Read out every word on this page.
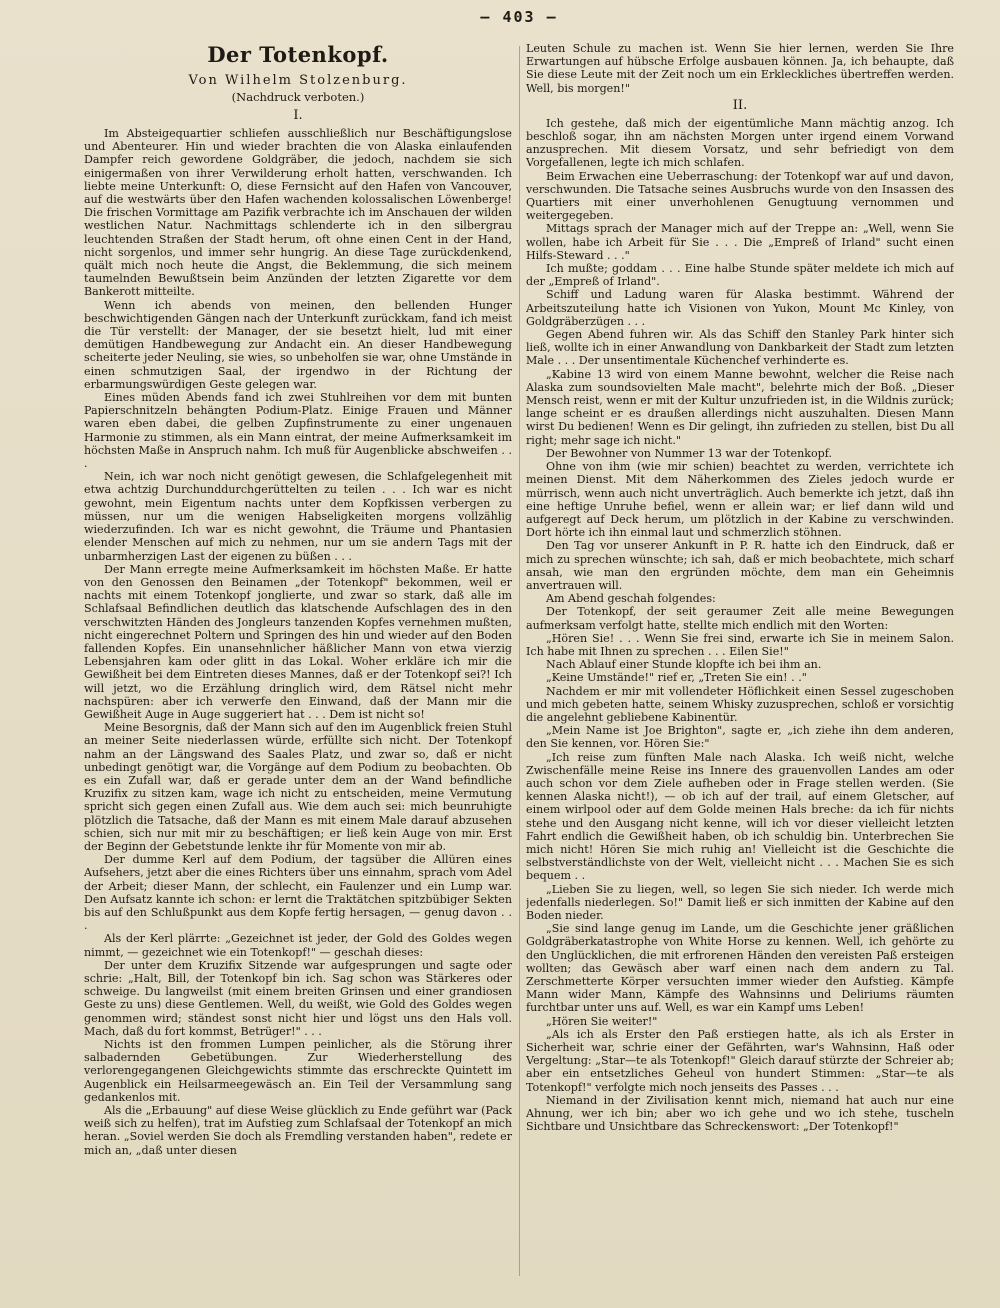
— 403 —
Der Totenkopf.
Von Wilhelm Stolzenburg.
(Nachdruck verboten.)
I.

Im Absteigequartier schliefen ausschließlich nur Beschäftigungslose und Abenteurer. Hin und wieder brachten die von Alaska einlaufenden Dampfer reich gewordene Goldgräber, die jedoch, nachdem sie sich einigermaßen von ihrer Verwilderung erholt hatten, verschwanden. Ich liebte meine Unterkunft: O, diese Fernsicht auf den Hafen von Vancouver, auf die westwärts über den Hafen wachenden kolossalischen Löwenberge! Die frischen Vormittage am Pazifik verbrachte ich im Anschauen der wilden westlichen Natur. Nachmittags schlenderte ich in den silbergrau leuchtenden Straßen der Stadt herum, oft ohne einen Cent in der Hand, nicht sorgenlos, und immer sehr hungrig. An diese Tage zurückdenkend, quält mich noch heute die Angst, die Beklemmung, die sich meinem taumelnden Bewußtsein beim Anzünden der letzten Zigarette vor dem Bankerott mitteilte.

Wenn ich abends von meinen, den bellenden Hunger beschwichtigenden Gängen nach der Unterkunft zurückkam, fand ich meist die Tür verstellt: der Manager, der sie besetzt hielt, lud mit einer demütigen Handbewegung zur Andacht ein. An dieser Handbewegung scheiterte jeder Neuling, sie wies, so unbeholfen sie war, ohne Umstände in einen schmutzigen Saal, der irgendwo in der Richtung der erbarmungswürdigen Geste gelegen war.

Eines müden Abends fand ich zwei Stuhlreihen vor dem mit bunten Papierschnitzeln behängten Podium-Platz. Einige Frauen und Männer waren eben dabei, die gelben Zupfinstrumente zu einer ungenauen Harmonie zu stimmen, als ein Mann eintrat, der meine Aufmerksamkeit im höchsten Maße in Anspruch nahm. Ich muß für Augenblicke abschweifen . . .

Nein, ich war noch nicht genötigt gewesen, die Schlafgelegenheit mit etwa achtzig Durchunddurchgerüttelten zu teilen . . . Ich war es nicht gewohnt, mein Eigentum nachts unter dem Kopfkissen verbergen zu müssen, nur um die wenigen Habseligkeiten morgens vollzählig wiederzufinden. Ich war es nicht gewohnt, die Träume und Phantasien elender Menschen auf mich zu nehmen, nur um sie andern Tags mit der unbarmherzigen Last der eigenen zu büßen . . .

Der Mann erregte meine Aufmerksamkeit im höchsten Maße. Er hatte von den Genossen den Beinamen „der Totenkopf" bekommen, weil er nachts mit einem Totenkopf jonglierte, und zwar so stark, daß alle im Schlafsaal Befindlichen deutlich das klatschende Aufschlagen des in den verschwitzten Händen des Jongleurs tanzenden Kopfes vernehmen mußten, nicht eingerechnet Poltern und Springen des hin und wieder auf den Boden fallenden Kopfes. Ein unansehnlicher häßlicher Mann von etwa vierzig Lebensjahren kam oder glitt in das Lokal. Woher erkläre ich mir die Gewißheit bei dem Eintreten dieses Mannes, daß er der Totenkopf sei?! Ich will jetzt, wo die Erzählung dringlich wird, dem Rätsel nicht mehr nachspüren: aber ich verwerfe den Einwand, daß der Mann mir die Gewißheit Auge in Auge suggeriert hat . . . Dem ist nicht so!

Meine Besorgnis, daß der Mann sich auf den im Augenblick freien Stuhl an meiner Seite niederlassen würde, erfüllte sich nicht. Der Totenkopf nahm an der Längswand des Saales Platz, und zwar so, daß er nicht unbedingt genötigt war, die Vorgänge auf dem Podium zu beobachten. Ob es ein Zufall war, daß er gerade unter dem an der Wand befindliche Kruzifix zu sitzen kam, wage ich nicht zu entscheiden, meine Vermutung spricht sich gegen einen Zufall aus. Wie dem auch sei: mich beunruhigte plötzlich die Tatsache, daß der Mann es mit einem Male darauf abzusehen schien, sich nur mit mir zu beschäftigen; er ließ kein Auge von mir. Erst der Beginn der Gebetstunde lenkte ihr für Momente von mir ab.

Der dumme Kerl auf dem Podium, der tagsüber die Allüren eines Aufsehers, jetzt aber die eines Richters über uns einnahm, sprach vom Adel der Arbeit; dieser Mann, der schlecht, ein Faulenzer und ein Lump war. Den Aufsatz kannte ich schon: er lernt die Traktätchen spitzbübiger Sekten bis auf den Schlußpunkt aus dem Kopfe fertig hersagen, — genug davon . . .

Als der Kerl plärrte: „Gezeichnet ist jeder, der Gold des Goldes wegen nimmt, — gezeichnet wie ein Totenkopf!" — geschah dieses:

Der unter dem Kruzifix Sitzende war aufgesprungen und sagte oder schrie: „Halt, Bill, der Totenkopf bin ich. Sag schon was Stärkeres oder schweige. Du langweilst (mit einem breiten Grinsen und einer grandiosen Geste zu uns) diese Gentlemen. Well, du weißt, wie Gold des Goldes wegen genommen wird; ständest sonst nicht hier und lögst uns den Hals voll. Mach, daß du fort kommst, Betrüger!" . . .

Nichts ist den frommen Lumpen peinlicher, als die Störung ihrer salbadernden Gebetübungen. Zur Wiederherstellung des verlorengegangenen Gleichgewichts stimmte das erschreckte Quintett im Augenblick ein Heilsarmeegewäsch an. Ein Teil der Versammlung sang gedankenlos mit.

Als die „Erbauung" auf diese Weise glücklich zu Ende geführt war (Pack weiß sich zu helfen), trat im Aufstieg zum Schlafsaal der Totenkopf an mich heran. „Soviel werden Sie doch als Fremdling verstanden haben", redete er mich an, „daß unter diesen

Leuten Schule zu machen ist. Wenn Sie hier lernen, werden Sie Ihre Erwartungen auf hübsche Erfolge ausbauen können. Ja, ich behaupte, daß Sie diese Leute mit der Zeit noch um ein Erkleckliches übertreffen werden. Well, bis morgen!"

II.

Ich gestehe, daß mich der eigentümliche Mann mächtig anzog. Ich beschloß sogar, ihn am nächsten Morgen unter irgend einem Vorwand anzusprechen. Mit diesem Vorsatz, und sehr befriedigt von dem Vorgefallenen, legte ich mich schlafen.

Beim Erwachen eine Ueberraschung: der Totenkopf war auf und davon, verschwunden. Die Tatsache seines Ausbruchs wurde von den Insassen des Quartiers mit einer unverhohlenen Genugtuung vernommen und weitergegeben.

Mittags sprach der Manager mich auf der Treppe an: „Well, wenn Sie wollen, habe ich Arbeit für Sie . . . Die „Empreß of Irland" sucht einen Hilfs-Steward . . ."

Ich mußte; goddam . . . Eine halbe Stunde später meldete ich mich auf der „Empreß of Irland".

Schiff und Ladung waren für Alaska bestimmt. Während der Arbeitszuteilung hatte ich Visionen von Yukon, Mount Mc Kinley, von Goldgräberzügen . . .

Gegen Abend fuhren wir. Als das Schiff den Stanley Park hinter sich ließ, wollte ich in einer Anwandlung von Dankbarkeit der Stadt zum letzten Male . . . Der unsentimentale Küchenchef verhinderte es.

„Kabine 13 wird von einem Manne bewohnt, welcher die Reise nach Alaska zum soundsovielten Male macht", belehrte mich der Boß. „Dieser Mensch reist, wenn er mit der Kultur unzufrieden ist, in die Wildnis zurück; lange scheint er es draußen allerdings nicht auszuhalten. Diesen Mann wirst Du bedienen! Wenn es Dir gelingt, ihn zufrieden zu stellen, bist Du all right; mehr sage ich nicht."

Der Bewohner von Nummer 13 war der Totenkopf.

Ohne von ihm (wie mir schien) beachtet zu werden, verrichtete ich meinen Dienst. Mit dem Näherkommen des Zieles jedoch wurde er mürrisch, wenn auch nicht unverträglich. Auch bemerkte ich jetzt, daß ihn eine heftige Unruhe befiel, wenn er allein war; er lief dann wild und aufgeregt auf Deck herum, um plötzlich in der Kabine zu verschwinden. Dort hörte ich ihn einmal laut und schmerzlich stöhnen.

Den Tag vor unserer Ankunft in P. R. hatte ich den Eindruck, daß er mich zu sprechen wünschte; ich sah, daß er mich beobachtete, mich scharf ansah, wie man den ergründen möchte, dem man ein Geheimnis anvertrauen will.

Am Abend geschah folgendes:

Der Totenkopf, der seit geraumer Zeit alle meine Bewegungen aufmerksam verfolgt hatte, stellte mich endlich mit den Worten:

„Hören Sie! . . . Wenn Sie frei sind, erwarte ich Sie in meinem Salon. Ich habe mit Ihnen zu sprechen . . . Eilen Sie!"

Nach Ablauf einer Stunde klopfte ich bei ihm an.

„Keine Umstände!" rief er, „Treten Sie ein! . ."

Nachdem er mir mit vollendeter Höflichkeit einen Sessel zugeschoben und mich gebeten hatte, seinem Whisky zuzusprechen, schloß er vorsichtig die angelehnt gebliebene Kabinentür.

„Mein Name ist Joe Brighton", sagte er, „ich ziehe ihn dem anderen, den Sie kennen, vor. Hören Sie:"

„Ich reise zum fünften Male nach Alaska. Ich weiß nicht, welche Zwischenfälle meine Reise ins Innere des grauenvollen Landes am oder auch schon vor dem Ziele aufheben oder in Frage stellen werden. (Sie kennen Alaska nicht!), — ob ich auf der trail, auf einem Gletscher, auf einem wirlpool oder auf dem Golde meinen Hals breche: da ich für nichts stehe und den Ausgang nicht kenne, will ich vor dieser vielleicht letzten Fahrt endlich die Gewißheit haben, ob ich schuldig bin. Unterbrechen Sie mich nicht! Hören Sie mich ruhig an! Vielleicht ist die Geschichte die selbstverständlichste von der Welt, vielleicht nicht . . . Machen Sie es sich bequem . .

„Lieben Sie zu liegen, well, so legen Sie sich nieder. Ich werde mich jedenfalls niederlegen. So!" Damit ließ er sich inmitten der Kabine auf den Boden nieder.

„Sie sind lange genug im Lande, um die Geschichte jener gräßlichen Goldgräberkatastrophe von White Horse zu kennen. Well, ich gehörte zu den Unglücklichen, die mit erfrorenen Händen den vereisten Paß ersteigen wollten; das Gewäsch aber warf einen nach dem andern zu Tal. Zerschmetterte Körper versuchten immer wieder den Aufstieg. Kämpfe Mann wider Mann, Kämpfe des Wahnsinns und Deliriums räumten furchtbar unter uns auf. Well, es war ein Kampf ums Leben!

„Hören Sie weiter!"

„Als ich als Erster den Paß erstiegen hatte, als ich als Erster in Sicherheit war, schrie einer der Gefährten, war's Wahnsinn, Haß oder Vergeltung: „Star—te als Totenkopf!" Gleich darauf stürzte der Schreier ab; aber ein entsetzliches Geheul von hundert Stimmen: „Star—te als Totenkopf!" verfolgte mich noch jenseits des Passes . . .

Niemand in der Zivilisation kennt mich, niemand hat auch nur eine Ahnung, wer ich bin; aber wo ich gehe und wo ich stehe, tuscheln Sichtbare und Unsichtbare das Schreckenswort: „Der Totenkopf!"
